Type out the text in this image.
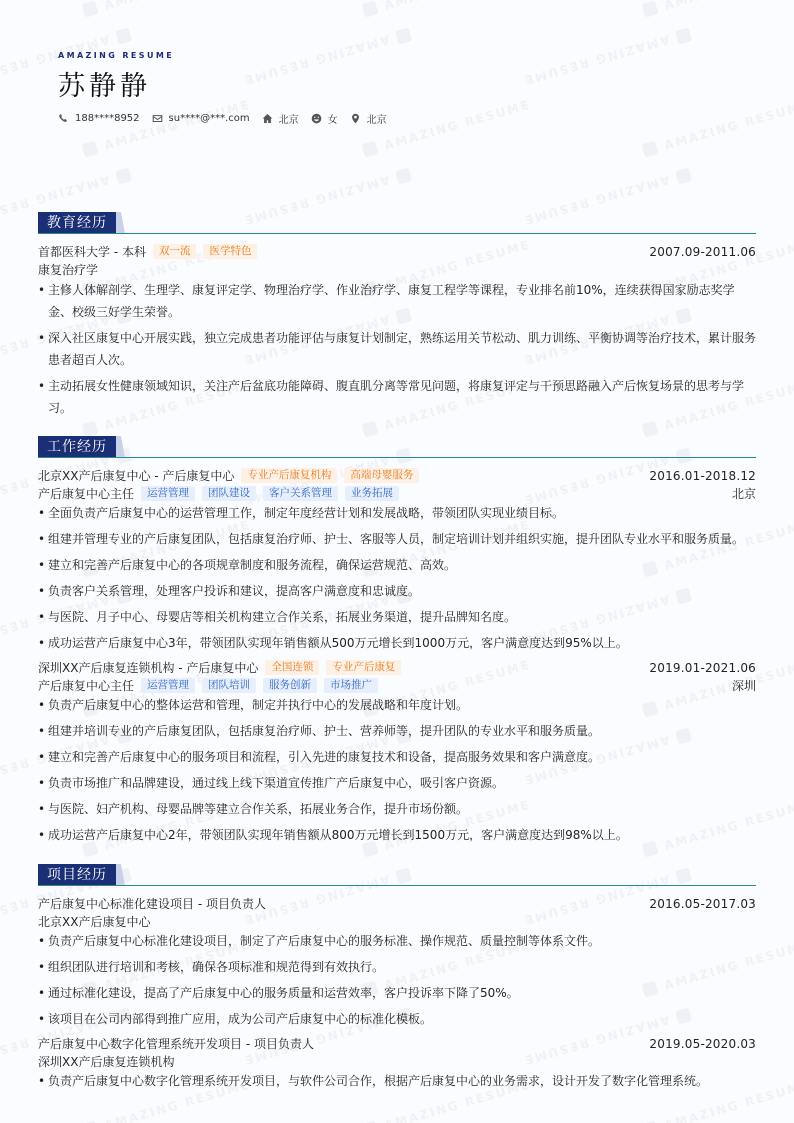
AMAZING RESUME
苏静静
188****8952	su****@***.com	北京	女	北京
教育经历
首都医科大学 - 本科	双一流	医学特色	2007.09-2011.06
康复治疗学
• 主修人体解剖学、生理学、康复评定学、物理治疗学、作业治疗学、康复工程学等课程，专业排名前10%，连续获得国家励志奖学金、校级三好学生荣誉。
• 深入社区康复中心开展实践，独立完成患者功能评估与康复计划制定，熟练运用关节松动、肌力训练、平衡协调等治疗技术，累计服务患者超百人次。
• 主动拓展女性健康领域知识，关注产后盆底功能障碍、腹直肌分离等常见问题，将康复评定与干预思路融入产后恢复场景的思考与学习。
工作经历
北京XX产后康复中心 - 产后康复中心	专业产后康复机构	高端母婴服务	2016.01-2018.12
产后康复中心主任	运营管理	团队建设	客户关系管理	业务拓展	北京
• 全面负责产后康复中心的运营管理工作，制定年度经营计划和发展战略，带领团队实现业绩目标。
• 组建并管理专业的产后康复团队，包括康复治疗师、护士、客服等人员，制定培训计划并组织实施，提升团队专业水平和服务质量。
• 建立和完善产后康复中心的各项规章制度和服务流程，确保运营规范、高效。
• 负责客户关系管理，处理客户投诉和建议，提高客户满意度和忠诚度。
• 与医院、月子中心、母婴店等相关机构建立合作关系，拓展业务渠道，提升品牌知名度。
• 成功运营产后康复中心3年，带领团队实现年销售额从500万元增长到1000万元，客户满意度达到95%以上。
深圳XX产后康复连锁机构 - 产后康复中心	全国连锁	专业产后康复	2019.01-2021.06
产后康复中心主任	运营管理	团队培训	服务创新	市场推广	深圳
• 负责产后康复中心的整体运营和管理，制定并执行中心的发展战略和年度计划。
• 组建并培训专业的产后康复团队，包括康复治疗师、护士、营养师等，提升团队的专业水平和服务质量。
• 建立和完善产后康复中心的服务项目和流程，引入先进的康复技术和设备，提高服务效果和客户满意度。
• 负责市场推广和品牌建设，通过线上线下渠道宣传推广产后康复中心，吸引客户资源。
• 与医院、妇产机构、母婴品牌等建立合作关系，拓展业务合作，提升市场份额。
• 成功运营产后康复中心2年，带领团队实现年销售额从800万元增长到1500万元，客户满意度达到98%以上。
项目经历
产后康复中心标准化建设项目 - 项目负责人	2016.05-2017.03
北京XX产后康复中心
• 负责产后康复中心标准化建设项目，制定了产后康复中心的服务标准、操作规范、质量控制等体系文件。
• 组织团队进行培训和考核，确保各项标准和规范得到有效执行。
• 通过标准化建设，提高了产后康复中心的服务质量和运营效率，客户投诉率下降了50%。
• 该项目在公司内部得到推广应用，成为公司产后康复中心的标准化模板。
产后康复中心数字化管理系统开发项目 - 项目负责人	2019.05-2020.03
深圳XX产后康复连锁机构
• 负责产后康复中心数字化管理系统开发项目，与软件公司合作，根据产后康复中心的业务需求，设计开发了数字化管理系统。
